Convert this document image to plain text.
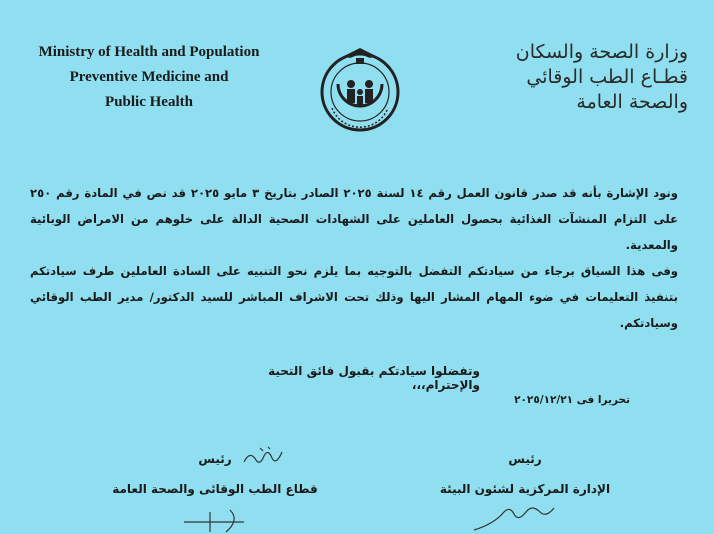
Ministry of Health and Population
Preventive Medicine and
Public Health
وزارة الصحة والسكان
قطـاع الطب الوقائي
والصحة العامة

ونود الإشارة بأنه قد صدر قانون العمل رقم ١٤ لسنة ٢٠٢٥ الصادر بتاريخ ٣ مايو ٢٠٢٥ قد نص في المادة رقم ٢٥٠ على التزام المنشآت الغذائية بحصول العاملين على الشهادات الصحية الدالة على خلوهم من الامراض الوبائية والمعدية.

وفى هذا السياق برجاء من سيادتكم التفضل بالتوجيه بما يلزم نحو التنبيه على السادة العاملين طرف سيادتكم بتنفيذ التعليمات في ضوء المهام المشار اليها وذلك تحت الاشراف المباشر للسيد الدكتور/ مدير الطب الوقائي وسيادتكم.

وتفضلوا سيادتكم بقبول فائق التحية والإحترام،،،
تحريرا فى ٢٠٢٥/١٢/٢١
رئيس
قطاع الطب الوقائى والصحة العامة
رئيس
الإدارة المركزية لشئون البيئة
